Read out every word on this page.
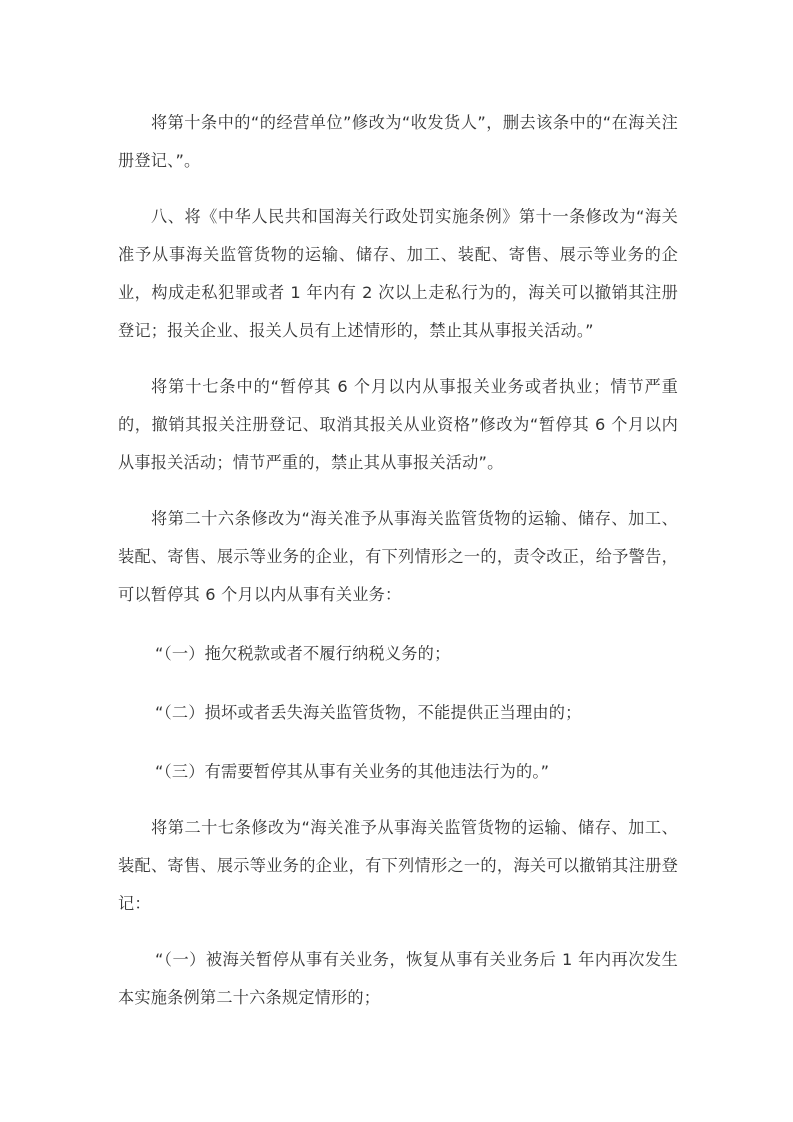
将第十条中的“的经营单位”修改为“收发货人”，删去该条中的“在海关注册登记、”。

八、将《中华人民共和国海关行政处罚实施条例》第十一条修改为“海关准予从事海关监管货物的运输、储存、加工、装配、寄售、展示等业务的企业，构成走私犯罪或者 1 年内有 2 次以上走私行为的，海关可以撤销其注册登记；报关企业、报关人员有上述情形的，禁止其从事报关活动。”

将第十七条中的“暂停其 6 个月以内从事报关业务或者执业；情节严重的，撤销其报关注册登记、取消其报关从业资格”修改为“暂停其 6 个月以内从事报关活动；情节严重的，禁止其从事报关活动”。

将第二十六条修改为“海关准予从事海关监管货物的运输、储存、加工、装配、寄售、展示等业务的企业，有下列情形之一的，责令改正，给予警告，可以暂停其 6 个月以内从事有关业务：

“（一）拖欠税款或者不履行纳税义务的；

“（二）损坏或者丢失海关监管货物，不能提供正当理由的；

“（三）有需要暂停其从事有关业务的其他违法行为的。”

将第二十七条修改为“海关准予从事海关监管货物的运输、储存、加工、装配、寄售、展示等业务的企业，有下列情形之一的，海关可以撤销其注册登记：

“（一）被海关暂停从事有关业务，恢复从事有关业务后 1 年内再次发生本实施条例第二十六条规定情形的；
